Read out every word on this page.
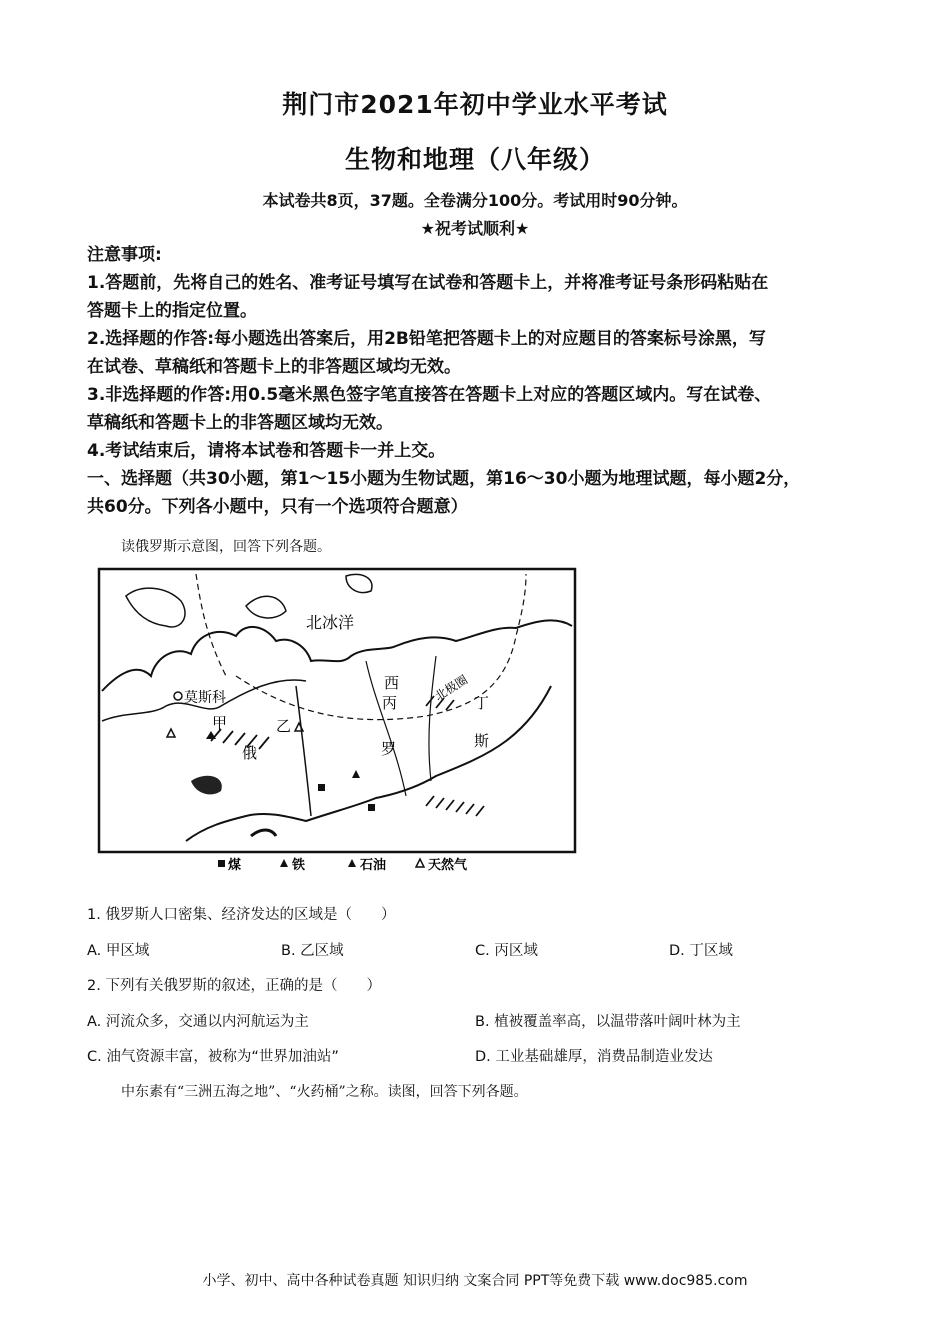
荆门市2021年初中学业水平考试
生物和地理（八年级）
本试卷共8页，37题。全卷满分100分。考试用时90分钟。
★祝考试顺利★
注意事项:
1.答题前，先将自己的姓名、准考证号填写在试卷和答题卡上，并将准考证号条形码粘贴在
答题卡上的指定位置。
2.选择题的作答:每小题选出答案后，用2B铅笔把答题卡上的对应题目的答案标号涂黑，写
在试卷、草稿纸和答题卡上的非答题区域均无效。
3.非选择题的作答:用0.5毫米黑色签字笔直接答在答题卡上对应的答题区域内。写在试卷、
草稿纸和答题卡上的非答题区域均无效。
4.考试结束后，请将本试卷和答题卡一并上交。
一、选择题（共30小题，第1～15小题为生物试题，第16～30小题为地理试题，每小题2分，
共60分。下列各小题中，只有一个选项符合题意）
读俄罗斯示意图，回答下列各题。
北冰洋
北极圈
莫斯科
甲	乙
丙	丁
俄	罗	斯
西
煤	铁	石油	天然气
1. 俄罗斯人口密集、经济发达的区域是（　　）
A. 甲区域	B. 乙区域	C. 丙区域	D. 丁区域
2. 下列有关俄罗斯的叙述，正确的是（　　）
A. 河流众多，交通以内河航运为主	B. 植被覆盖率高，以温带落叶阔叶林为主
C. 油气资源丰富，被称为“世界加油站”	D. 工业基础雄厚，消费品制造业发达
中东素有“三洲五海之地”、“火药桶”之称。读图，回答下列各题。
小学、初中、高中各种试卷真题 知识归纳 文案合同 PPT等免费下载 www.doc985.com
